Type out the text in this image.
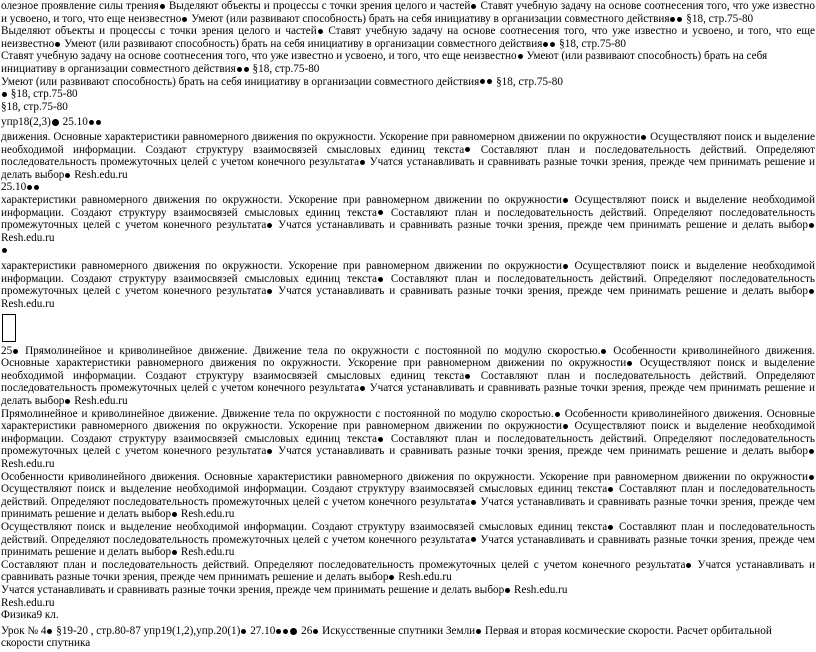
олезное проявление силы трения Выделяют объекты и процессы с точки зрения целого и частей Ставят учебную задачу на основе соотнесения того, что уже известно и усвоено, и того, что еще неизвестно Умеют (или развивают способность) брать на себя инициативу в организации совместного действия §18, стр.75-80

Выделяют объекты и процессы с точки зрения целого и частей Ставят учебную задачу на основе соотнесения того, что уже известно и усвоено, и того, что еще неизвестно Умеют (или развивают способность) брать на себя инициативу в организации совместного действия §18, стр.75-80

Ставят учебную задачу на основе соотнесения того, что уже известно и усвоено, и того, что еще неизвестно Умеют (или развивают способность) брать на себя инициативу в организации совместного действия §18, стр.75-80

Умеют (или развивают способность) брать на себя инициативу в организации совместного действия §18, стр.75-80

§18, стр.75-80

§18, стр.75-80

упр18(2,3) 25.10

движения. Основные характеристики равномерного движения по окружности. Ускорение при равномерном движении по окружности Осуществляют поиск и выделение необходимой информации. Создают структуру взаимосвязей смысловых единиц текста Составляют план и последовательность действий. Определяют последовательность промежуточных целей с учетом конечного результата Учатся устанавливать и сравнивать разные точки зрения, прежде чем принимать решение и делать выбор Resh.edu.ru

25.10

характеристики равномерного движения по окружности. Ускорение при равномерном движении по окружности Осуществляют поиск и выделение необходимой информации. Создают структуру взаимосвязей смысловых единиц текста Составляют план и последовательность действий. Определяют последовательность промежуточных целей с учетом конечного результата Учатся устанавливать и сравнивать разные точки зрения, прежде чем принимать решение и делать выбор Resh.edu.ru

характеристики равномерного движения по окружности. Ускорение при равномерном движении по окружности Осуществляют поиск и выделение необходимой информации. Создают структуру взаимосвязей смысловых единиц текста Составляют план и последовательность действий. Определяют последовательность промежуточных целей с учетом конечного результата Учатся устанавливать и сравнивать разные точки зрения, прежде чем принимать решение и делать выбор Resh.edu.ru

25 Прямолинейное и криволинейное движение. Движение тела по окружности с постоянной по модулю скоростью. Особенности криволинейного движения. Основные характеристики равномерного движения по окружности. Ускорение при равномерном движении по окружности Осуществляют поиск и выделение необходимой информации. Создают структуру взаимосвязей смысловых единиц текста Составляют план и последовательность действий. Определяют последовательность промежуточных целей с учетом конечного результата Учатся устанавливать и сравнивать разные точки зрения, прежде чем принимать решение и делать выбор Resh.edu.ru

Прямолинейное и криволинейное движение. Движение тела по окружности с постоянной по модулю скоростью. Особенности криволинейного движения. Основные характеристики равномерного движения по окружности. Ускорение при равномерном движении по окружности Осуществляют поиск и выделение необходимой информации. Создают структуру взаимосвязей смысловых единиц текста Составляют план и последовательность действий. Определяют последовательность промежуточных целей с учетом конечного результата Учатся устанавливать и сравнивать разные точки зрения, прежде чем принимать решение и делать выбор Resh.edu.ru

Особенности криволинейного движения. Основные характеристики равномерного движения по окружности. Ускорение при равномерном движении по окружности Осуществляют поиск и выделение необходимой информации. Создают структуру взаимосвязей смысловых единиц текста Составляют план и последовательность действий. Определяют последовательность промежуточных целей с учетом конечного результата Учатся устанавливать и сравнивать разные точки зрения, прежде чем принимать решение и делать выбор Resh.edu.ru

Осуществляют поиск и выделение необходимой информации. Создают структуру взаимосвязей смысловых единиц текста Составляют план и последовательность действий. Определяют последовательность промежуточных целей с учетом конечного результата Учатся устанавливать и сравнивать разные точки зрения, прежде чем принимать решение и делать выбор Resh.edu.ru

Составляют план и последовательность действий. Определяют последовательность промежуточных целей с учетом конечного результата Учатся устанавливать и сравнивать разные точки зрения, прежде чем принимать решение и делать выбор Resh.edu.ru

Учатся устанавливать и сравнивать разные точки зрения, прежде чем принимать решение и делать выбор Resh.edu.ru

Resh.edu.ru

Физика9 кл.

Урок № 4 §19-20 , стр.80-87 упр19(1,2),упр.20(1) 27.10 26 Искусственные спутники Земли Первая и вторая космические скорости. Расчет орбитальной скорости спутника
